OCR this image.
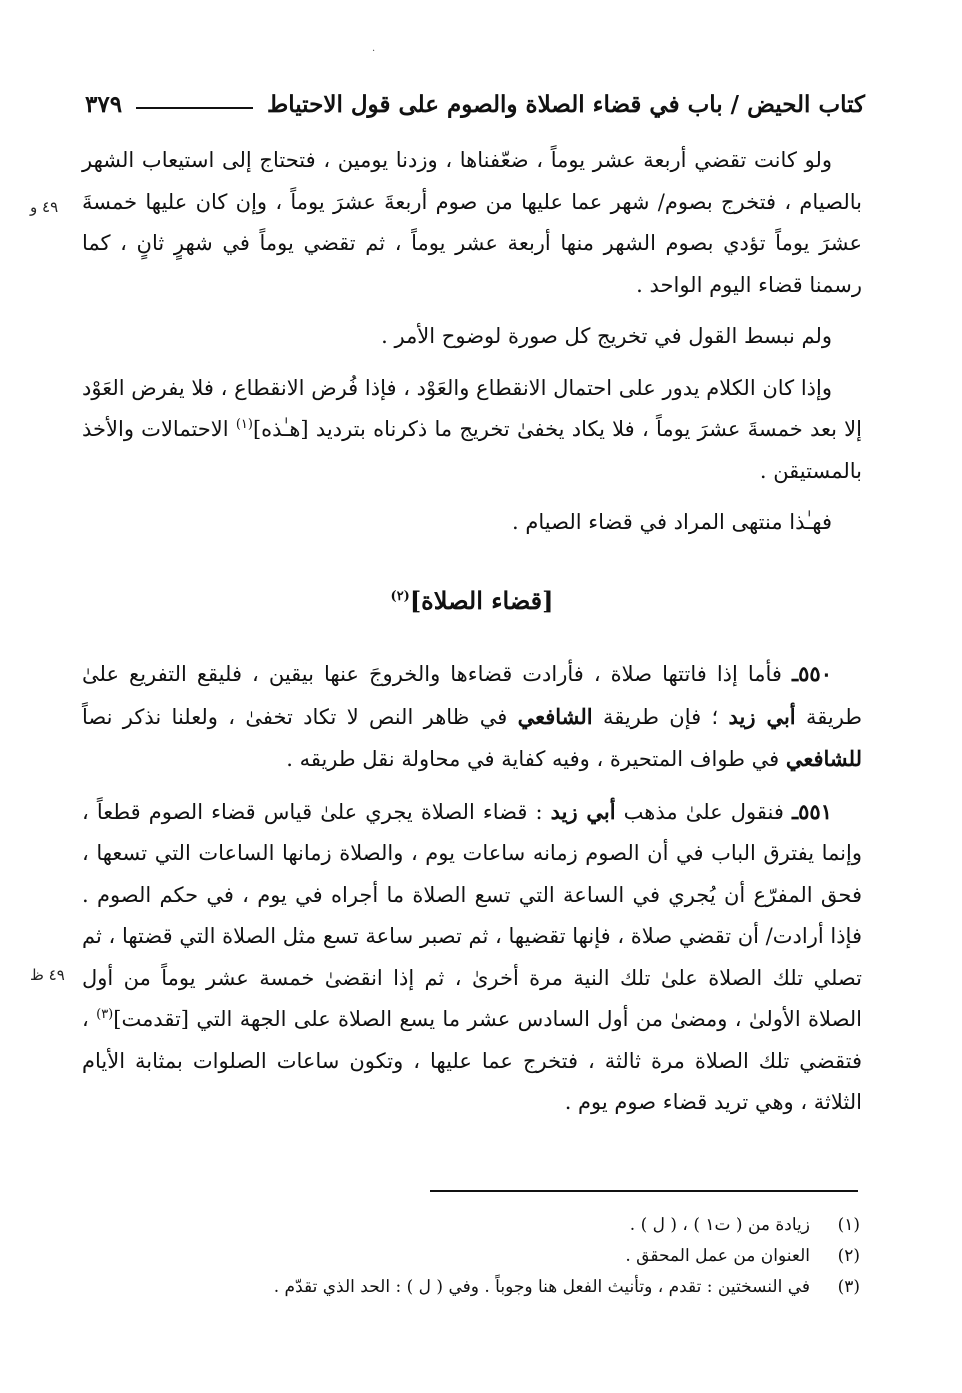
·
كتاب الحيض / باب في قضاء الصلاة والصوم على قول الاحتياط
٣٧٩
٤٩ و
٤٩ ظ

ولو كانت تقضي أربعة عشر يوماً ، ضعّفناها ، وزدنا يومين ، فتحتاج إلى استيعاب الشهر بالصيام ، فتخرج بصوم/ شهر عما عليها من صوم أربعةَ عشرَ يوماً ، وإن كان عليها خمسةَ عشرَ يوماً تؤدي بصوم الشهر منها أربعة عشر يوماً ، ثم تقضي يوماً في شهرٍ ثانٍ ، كما رسمنا قضاء اليوم الواحد .

ولم نبسط القول في تخريج كل صورة لوضوح الأمر .

وإذا كان الكلام يدور على احتمال الانقطاع والعَوْد ، فإذا فُرض الانقطاع ، فلا يفرض العَوْد إلا بعد خمسةَ عشرَ يوماً ، فلا يكاد يخفىٰ تخريج ما ذكرناه بترديد [هـٰذه]$^{(١)}$ الاحتمالات والأخذ بالمستيقن .

فهـٰذا منتهى المراد في قضاء الصيام .

[قضاء الصلاة]$^{(٢)}$

٥٥٠ـ فأما إذا فاتتها صلاة ، فأرادت قضاءها والخروجَ عنها بيقين ، فليقع التفريع علىٰ طريقة أبي زيد ؛ فإن طريقة الشافعي في ظاهر النص لا تكاد تخفىٰ ، ولعلنا نذكر نصاً للشافعي في طواف المتحيرة ، وفيه كفاية في محاولة نقل طريقه .

٥٥١ـ فنقول علىٰ مذهب أبي زيد : قضاء الصلاة يجري علىٰ قياس قضاء الصوم قطعاً ، وإنما يفترق الباب في أن الصوم زمانه ساعات يوم ، والصلاة زمانها الساعات التي تسعها ، فحق المفرّع أن يُجري في الساعة التي تسع الصلاة ما أجراه في يوم ، في حكم الصوم . فإذا أرادت/ أن تقضي صلاة ، فإنها تقضيها ، ثم تصبر ساعة تسع مثل الصلاة التي قضتها ، ثم تصلي تلك الصلاة علىٰ تلك النية مرة أخرىٰ ، ثم إذا انقضىٰ خمسة عشر يوماً من أول الصلاة الأولىٰ ، ومضىٰ من أول السادس عشر ما يسع الصلاة على الجهة التي [تقدمت]$^{(٣)}$ ، فتقضي تلك الصلاة مرة ثالثة ، فتخرج عما عليها ، وتكون ساعات الصلوات بمثابة الأيام الثلاثة ، وهي تريد قضاء صوم يوم .

(١)
زيادة من ( ت١ ) ، ( ل ) .
(٢)
العنوان من عمل المحقق .
(٣)
في النسختين : تقدم ، وتأنيث الفعل هنا وجوباً . وفي ( ل ) : الحد الذي تقدّم .
